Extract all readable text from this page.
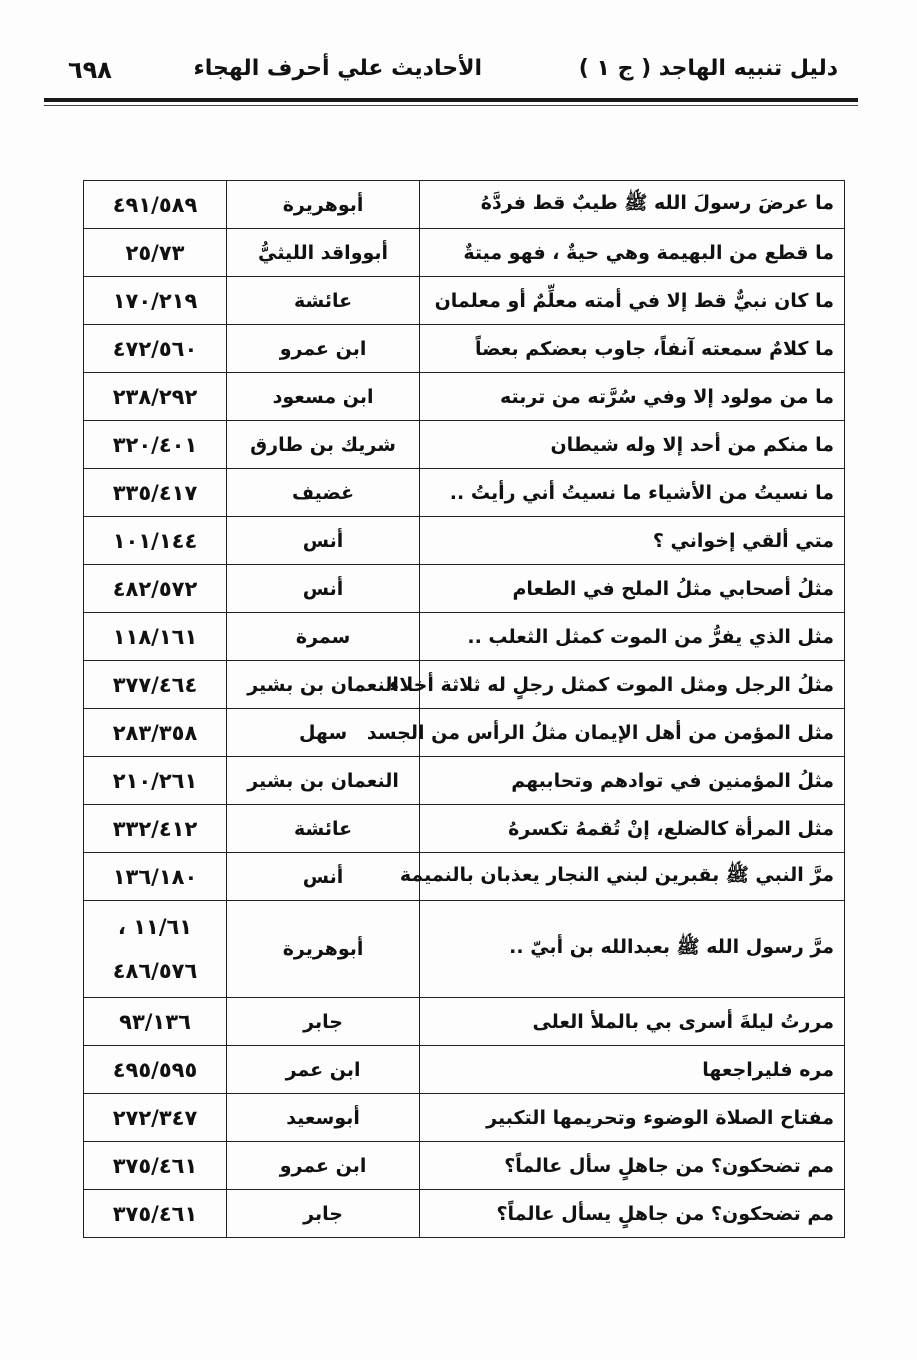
دليل تنبيه الهاجد ( ج ١ )
الأحاديث علي أحرف الهجاء
٦٩٨
ما عرضَ رسولَ الله ﷺ طيبٌ قط فردَّهُ	أبوهريرة	٤٩١/٥٨٩
ما قطع من البهيمة وهي حيةٌ ، فهو ميتةٌ	أبوواقد الليثيُّ	٢٥/٧٣
ما كان نبيٌّ قط إلا في أمته معلِّمٌ أو معلمان	عائشة	١٧٠/٢١٩
ما كلامٌ سمعته آنفاً، جاوب بعضكم بعضاً	ابن عمرو	٤٧٢/٥٦٠
ما من مولود إلا وفي سُرَّته من تربته	ابن مسعود	٢٣٨/٢٩٢
ما منكم من أحد إلا وله شيطان	شريك بن طارق	٣٢٠/٤٠١
ما نسيتُ من الأشياء ما نسيتُ أني رأيتُ ..	غضيف	٣٣٥/٤١٧
متي ألقي إخواني ؟	أنس	١٠١/١٤٤
مثلُ أصحابي مثلُ الملح في الطعام	أنس	٤٨٢/٥٧٢
مثل الذي يفرُّ من الموت كمثل الثعلب ..	سمرة	١١٨/١٦١
مثلُ الرجل ومثل الموت كمثل رجلٍ له ثلاثة أخلاء	النعمان بن بشير	٣٧٧/٤٦٤
مثل المؤمن من أهل الإيمان مثلُ الرأس من الجسد	سهل	٢٨٣/٣٥٨
مثلُ المؤمنين في توادهم وتحاببهم	النعمان بن بشير	٢١٠/٢٦١
مثل المرأة كالضلع، إنْ تُقمهُ تكسرهُ	عائشة	٣٣٢/٤١٢
مرَّ النبي ﷺ بقبرين لبني النجار يعذبان بالنميمة	أنس	١٣٦/١٨٠
مرَّ رسول الله ﷺ بعبدالله بن أبيّ ..	أبوهريرة	١١/٦١ ،
٤٨٦/٥٧٦

مررتُ ليلةَ أسرى بي بالملأ العلى	جابر	٩٣/١٣٦
مره فليراجعها	ابن عمر	٤٩٥/٥٩٥
مفتاح الصلاة الوضوء وتحريمها التكبير	أبوسعيد	٢٧٢/٣٤٧
مم تضحكون؟ من جاهلٍ سأل عالماً؟	ابن عمرو	٣٧٥/٤٦١
مم تضحكون؟ من جاهلٍ يسأل عالماً؟	جابر	٣٧٥/٤٦١
